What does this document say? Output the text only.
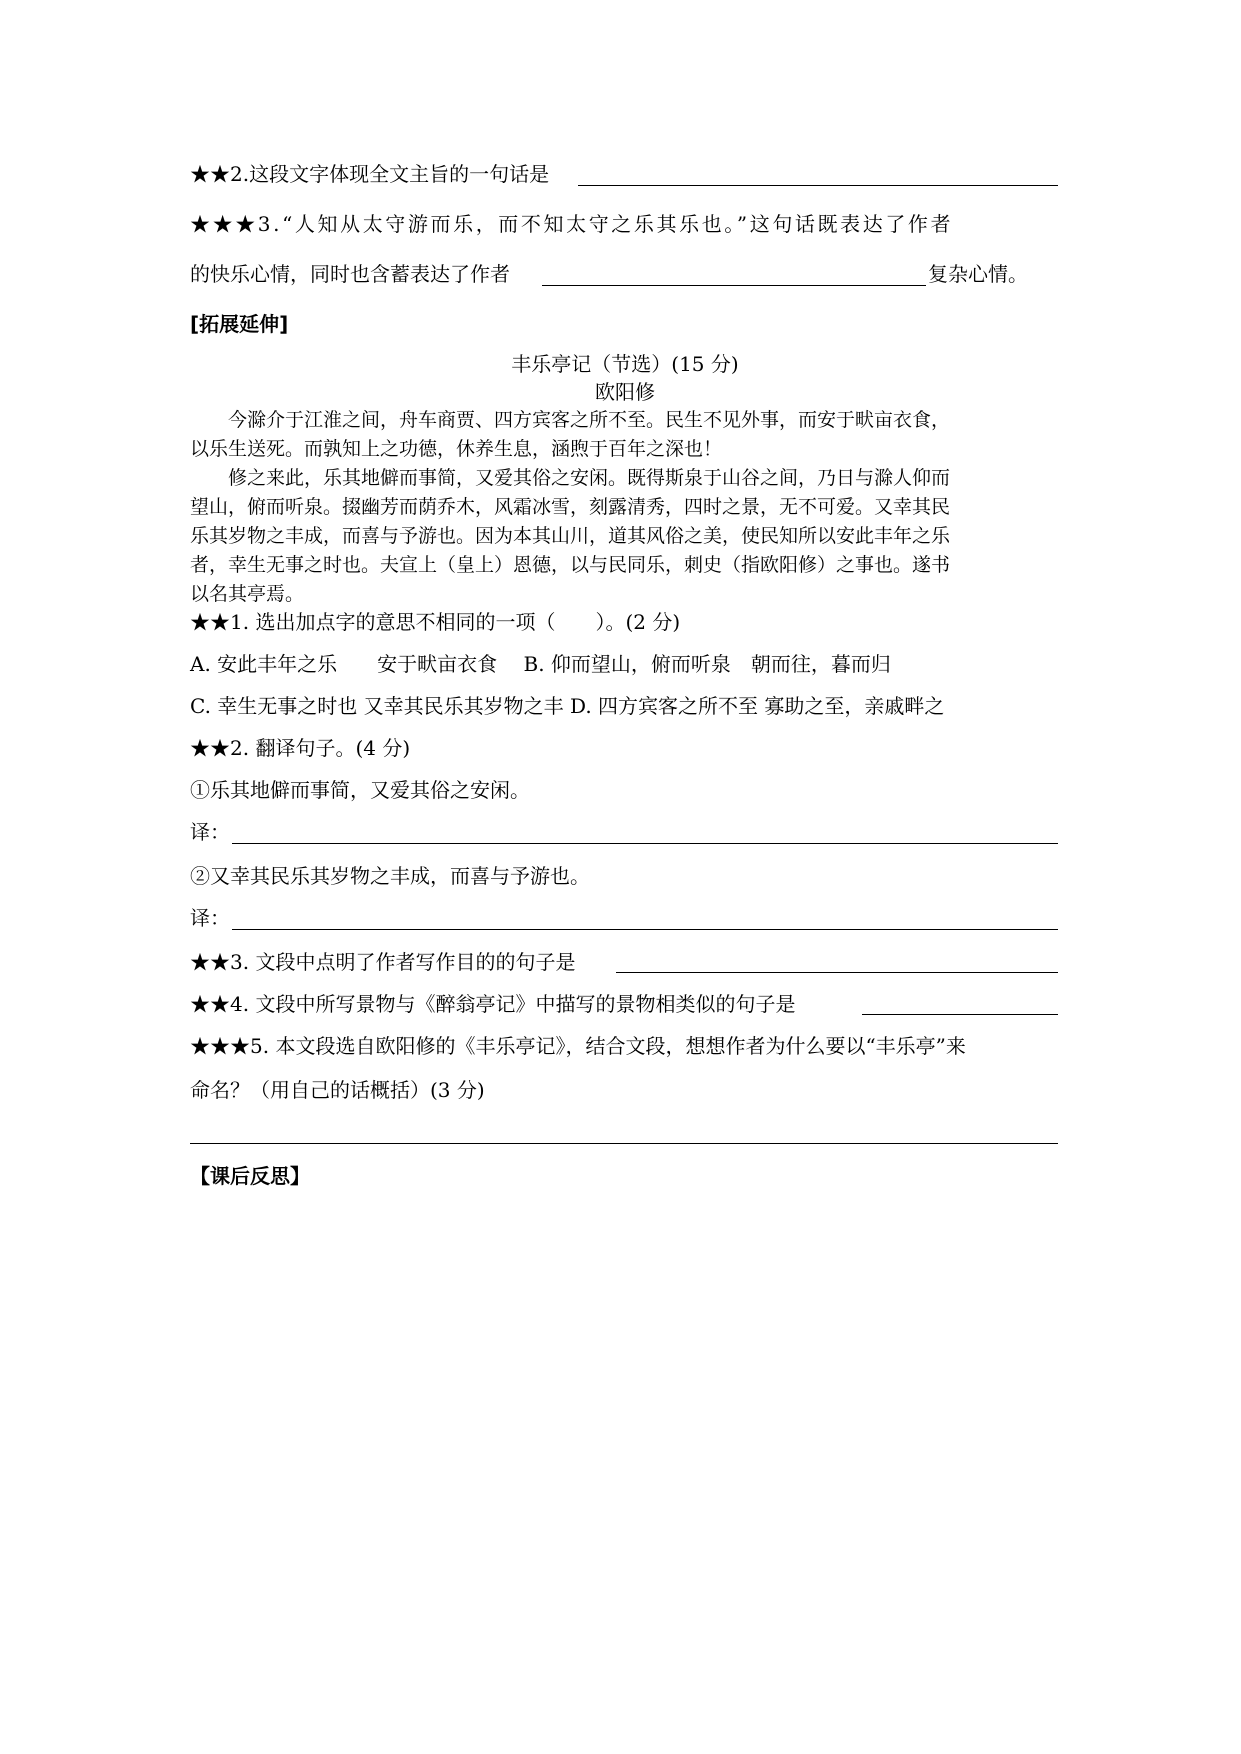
★★2.这段文字体现全文主旨的一句话是
★★★3.“人知从太守游而乐，而不知太守之乐其乐也。”这句话既表达了作者
的快乐心情，同时也含蓄表达了作者	复杂心情。
[拓展延伸]
丰乐亭记（节选）(15 分)
欧阳修
　　今滁介于江淮之间，舟车商贾、四方宾客之所不至。民生不见外事，而安于畎亩衣食，
以乐生送死。而孰知上之功德，休养生息，涵煦于百年之深也！
　　修之来此，乐其地僻而事简，又爱其俗之安闲。既得斯泉于山谷之间，乃日与滁人仰而
望山，俯而听泉。掇幽芳而荫乔木，风霜冰雪，刻露清秀，四时之景，无不可爱。又幸其民
乐其岁物之丰成，而喜与予游也。因为本其山川，道其风俗之美，使民知所以安此丰年之乐
者，幸生无事之时也。夫宣上（皇上）恩德，以与民同乐，刺史（指欧阳修）之事也。遂书
以名其亭焉。
★★1. 选出加点字的意思不相同的一项（　　）。(2 分)
A. 安此丰年之乐　　安于畎亩衣食　 B. 仰而望山，俯而听泉　朝而往，暮而归
C. 幸生无事之时也 又幸其民乐其岁物之丰 D. 四方宾客之所不至 寡助之至，亲戚畔之
★★2. 翻译句子。(4 分)
①乐其地僻而事简，又爱其俗之安闲。
译：
②又幸其民乐其岁物之丰成，而喜与予游也。
译：
★★3. 文段中点明了作者写作目的的句子是
★★4. 文段中所写景物与《醉翁亭记》中描写的景物相类似的句子是
★★★5. 本文段选自欧阳修的《丰乐亭记》，结合文段，想想作者为什么要以“丰乐亭”来
命名？（用自己的话概括）(3 分)
【课后反思】
